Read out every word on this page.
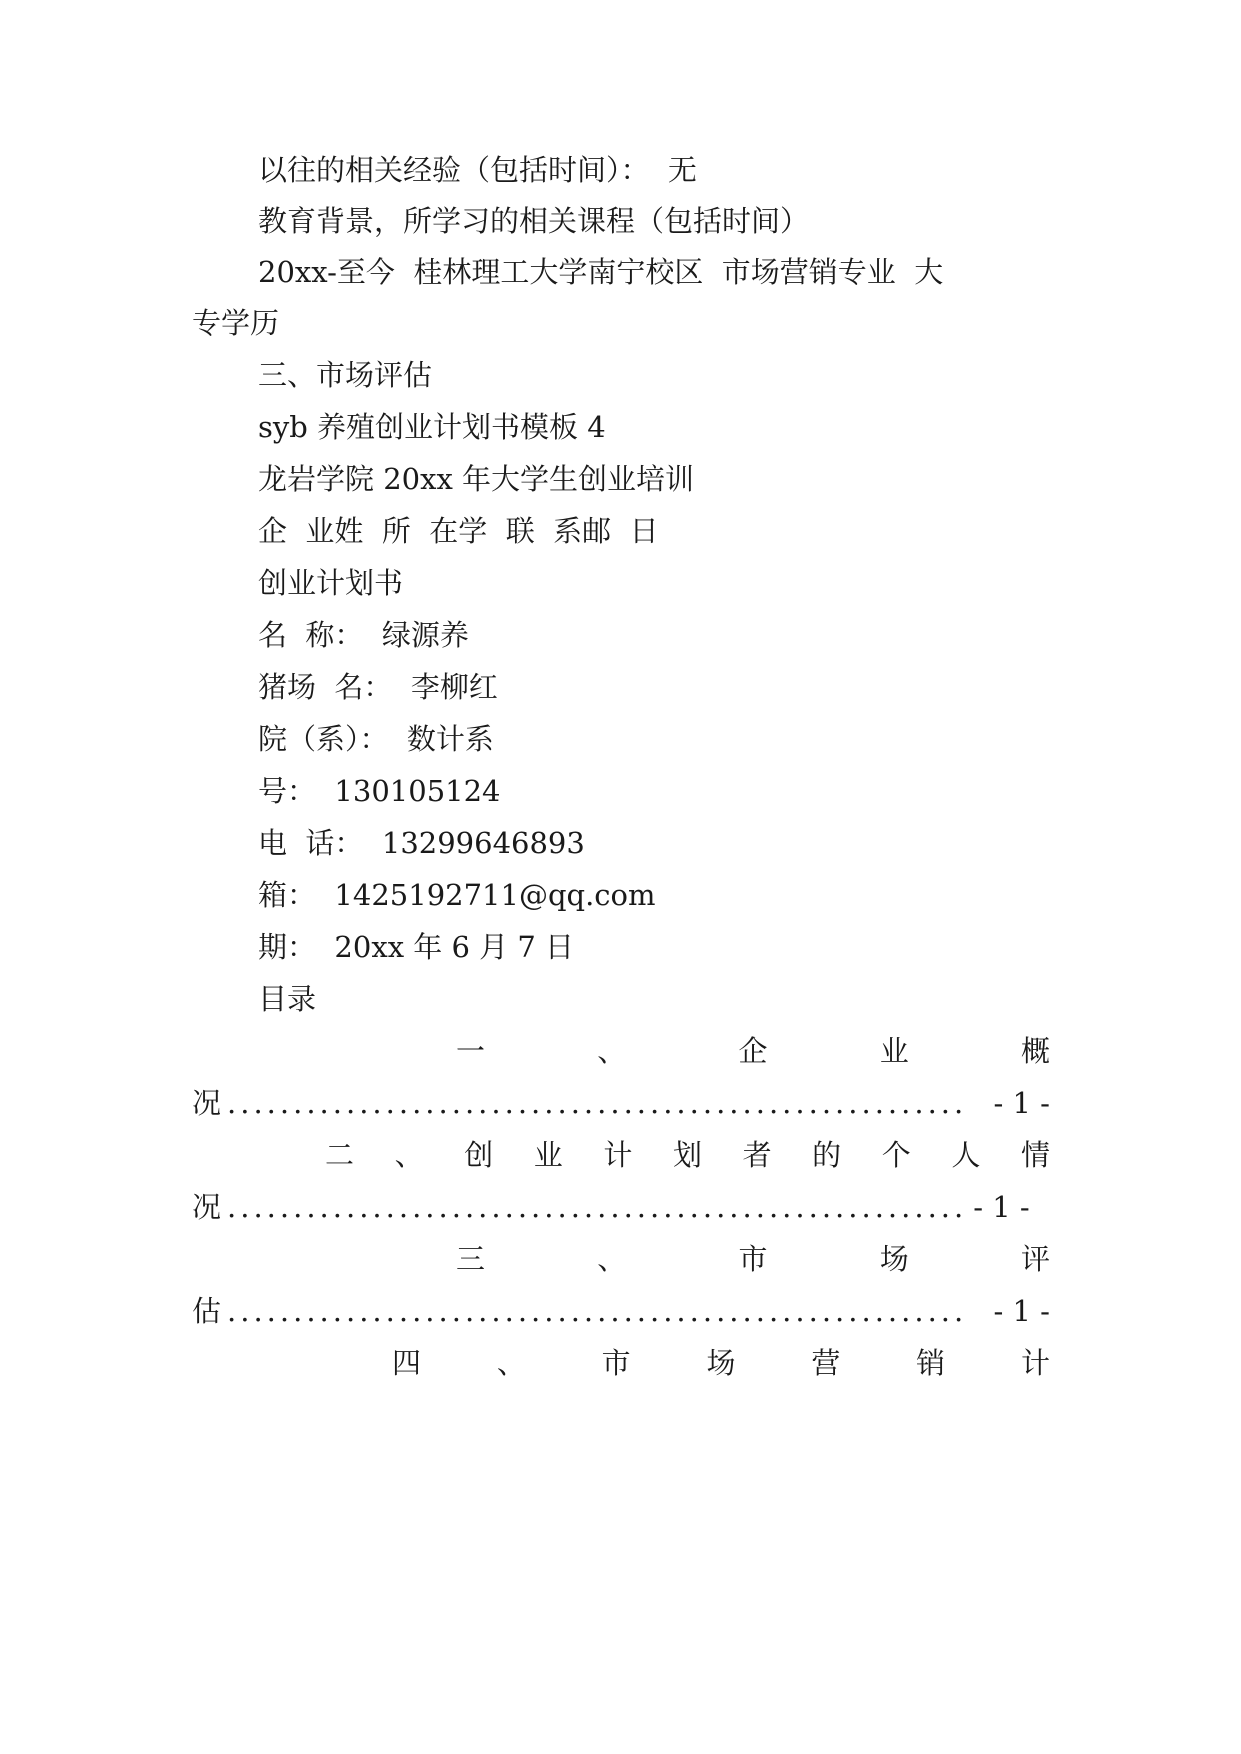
以往的相关经验（包括时间）：  无
教育背景，所学习的相关课程（包括时间）
20xx-至今  桂林理工大学南宁校区  市场营销专业  大
专学历
三、市场评估
syb 养殖创业计划书模板 4
龙岩学院 20xx 年大学生创业培训
企  业姓  所  在学  联  系邮  日
创业计划书
名  称：  绿源养
猪场  名：  李柳红
院（系）：  数计系
号：  130105124
电  话：  13299646893
箱：  1425192711@qq.com
期：  20xx 年 6 月 7 日
目录
一	、	企	业	概
况 ........................................................ - 1 -
二 、 创 业 计 划 者 的 个 人 情
况 ........................................................ - 1 -
三	、	市	场	评
估 ........................................................ - 1 -
四	、	市	场	营	销	计
